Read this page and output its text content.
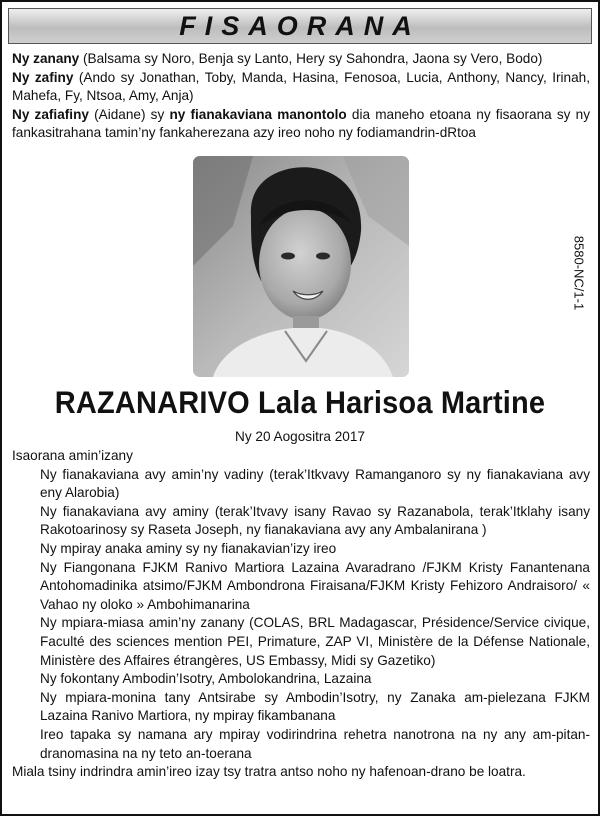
FISAORANA

Ny zanany (Balsama sy Noro, Benja sy Lanto, Hery sy Sahondra, Jaona sy Vero, Bodo)

Ny zafiny (Ando sy Jonathan, Toby, Manda, Hasina, Fenosoa, Lucia, Anthony, Nancy, Irinah, Mahefa, Fy, Ntsoa, Amy, Anja)

Ny zafiafiny (Aidane) sy ny fianakaviana manontolo dia maneho etoana ny fisaorana sy ny fankasitrahana tamin’ny fankaherezana azy ireo noho ny fodiamandrin-dRtoa

8580-NC/1-1
RAZANARIVO Lala Harisoa Martine
Ny 20 Aogositra 2017

Isaorana amin’izany

Ny fianakaviana avy amin’ny vadiny (terak’Itkvavy Ramanganoro sy ny fianakaviana avy eny Alarobia)

Ny fianakaviana avy aminy (terak’Itvavy isany Ravao sy Razanabola, terak’Itklahy isany Rakotoarinosy sy Raseta Joseph, ny fianakaviana avy any Ambalanirana )

Ny mpiray anaka aminy sy ny fianakavian’izy ireo

Ny Fiangonana FJKM Ranivo Martiora Lazaina Avaradrano /FJKM Kristy Fanantenana Antohomadinika atsimo/FJKM Ambondrona Firaisana/FJKM Kristy Fehizoro Andraisoro/ « Vahao ny oloko » Ambohimanarina

Ny mpiara-miasa amin’ny zanany (COLAS, BRL Madagascar, Présidence/Service civique, Faculté des sciences mention PEI, Primature, ZAP VI, Ministère de la Défense Nationale, Ministère des Affaires étrangères, US Embassy, Midi sy Gazetiko)

Ny fokontany Ambodin’Isotry, Ambolokandrina, Lazaina

Ny mpiara-monina tany Antsirabe sy Ambodin’Isotry, ny Zanaka am-pielezana FJKM Lazaina Ranivo Martiora, ny mpiray fikambanana

Ireo tapaka sy namana ary mpiray vodirindrina rehetra nanotrona na ny any am-pitan-dranomasina na ny teto an-toerana

Miala tsiny indrindra amin’ireo izay tsy tratra antso noho ny hafenoan-drano be loatra.
